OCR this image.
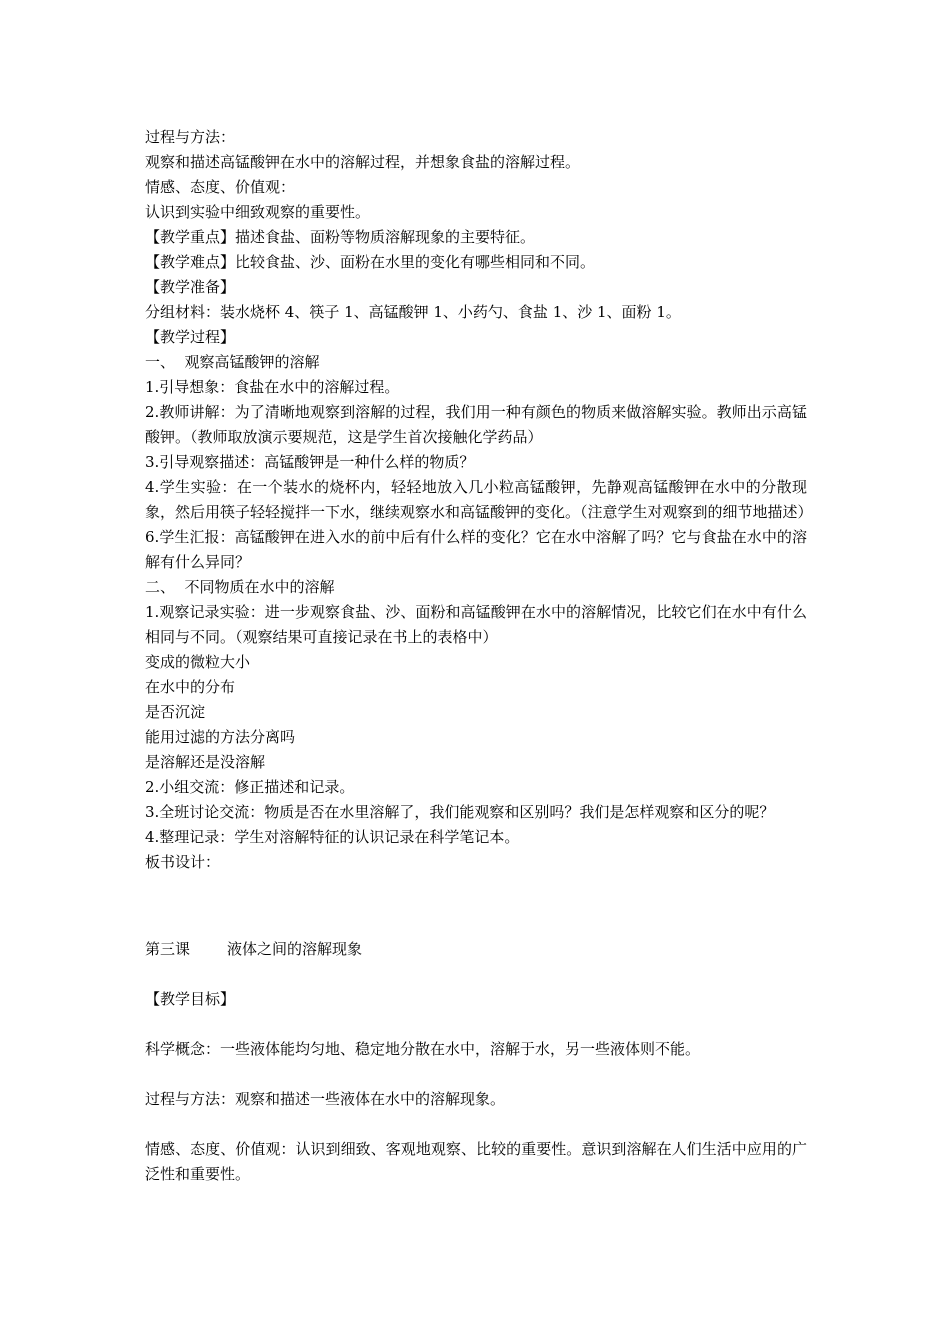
过程与方法：
观察和描述高锰酸钾在水中的溶解过程，并想象食盐的溶解过程。
情感、态度、价值观：
认识到实验中细致观察的重要性。
【教学重点】描述食盐、面粉等物质溶解现象的主要特征。
【教学难点】比较食盐、沙、面粉在水里的变化有哪些相同和不同。
【教学准备】
分组材料：装水烧杯 4、筷子 1、高锰酸钾 1、小药勺、食盐 1、沙 1、面粉 1。
【教学过程】
一、  观察高锰酸钾的溶解
1.引导想象：食盐在水中的溶解过程。
2.教师讲解：为了清晰地观察到溶解的过程，我们用一种有颜色的物质来做溶解实验。教师出示高锰酸钾。（教师取放演示要规范，这是学生首次接触化学药品）
3.引导观察描述：高锰酸钾是一种什么样的物质？
4.学生实验：在一个装水的烧杯内，轻轻地放入几小粒高锰酸钾，先静观高锰酸钾在水中的分散现象，然后用筷子轻轻搅拌一下水，继续观察水和高锰酸钾的变化。（注意学生对观察到的细节地描述）
6.学生汇报：高锰酸钾在进入水的前中后有什么样的变化？它在水中溶解了吗？它与食盐在水中的溶解有什么异同？
二、  不同物质在水中的溶解
1.观察记录实验：进一步观察食盐、沙、面粉和高锰酸钾在水中的溶解情况，比较它们在水中有什么相同与不同。（观察结果可直接记录在书上的表格中）
变成的微粒大小
在水中的分布
是否沉淀
能用过滤的方法分离吗
是溶解还是没溶解
2.小组交流：修正描述和记录。
3.全班讨论交流：物质是否在水里溶解了，我们能观察和区别吗？我们是怎样观察和区分的呢？
4.整理记录：学生对溶解特征的认识记录在科学笔记本。
板书设计：
第三课 液体之间的溶解现象
【教学目标】
科学概念：一些液体能均匀地、稳定地分散在水中，溶解于水，另一些液体则不能。
过程与方法：观察和描述一些液体在水中的溶解现象。
情感、态度、价值观：认识到细致、客观地观察、比较的重要性。意识到溶解在人们生活中应用的广泛性和重要性。
